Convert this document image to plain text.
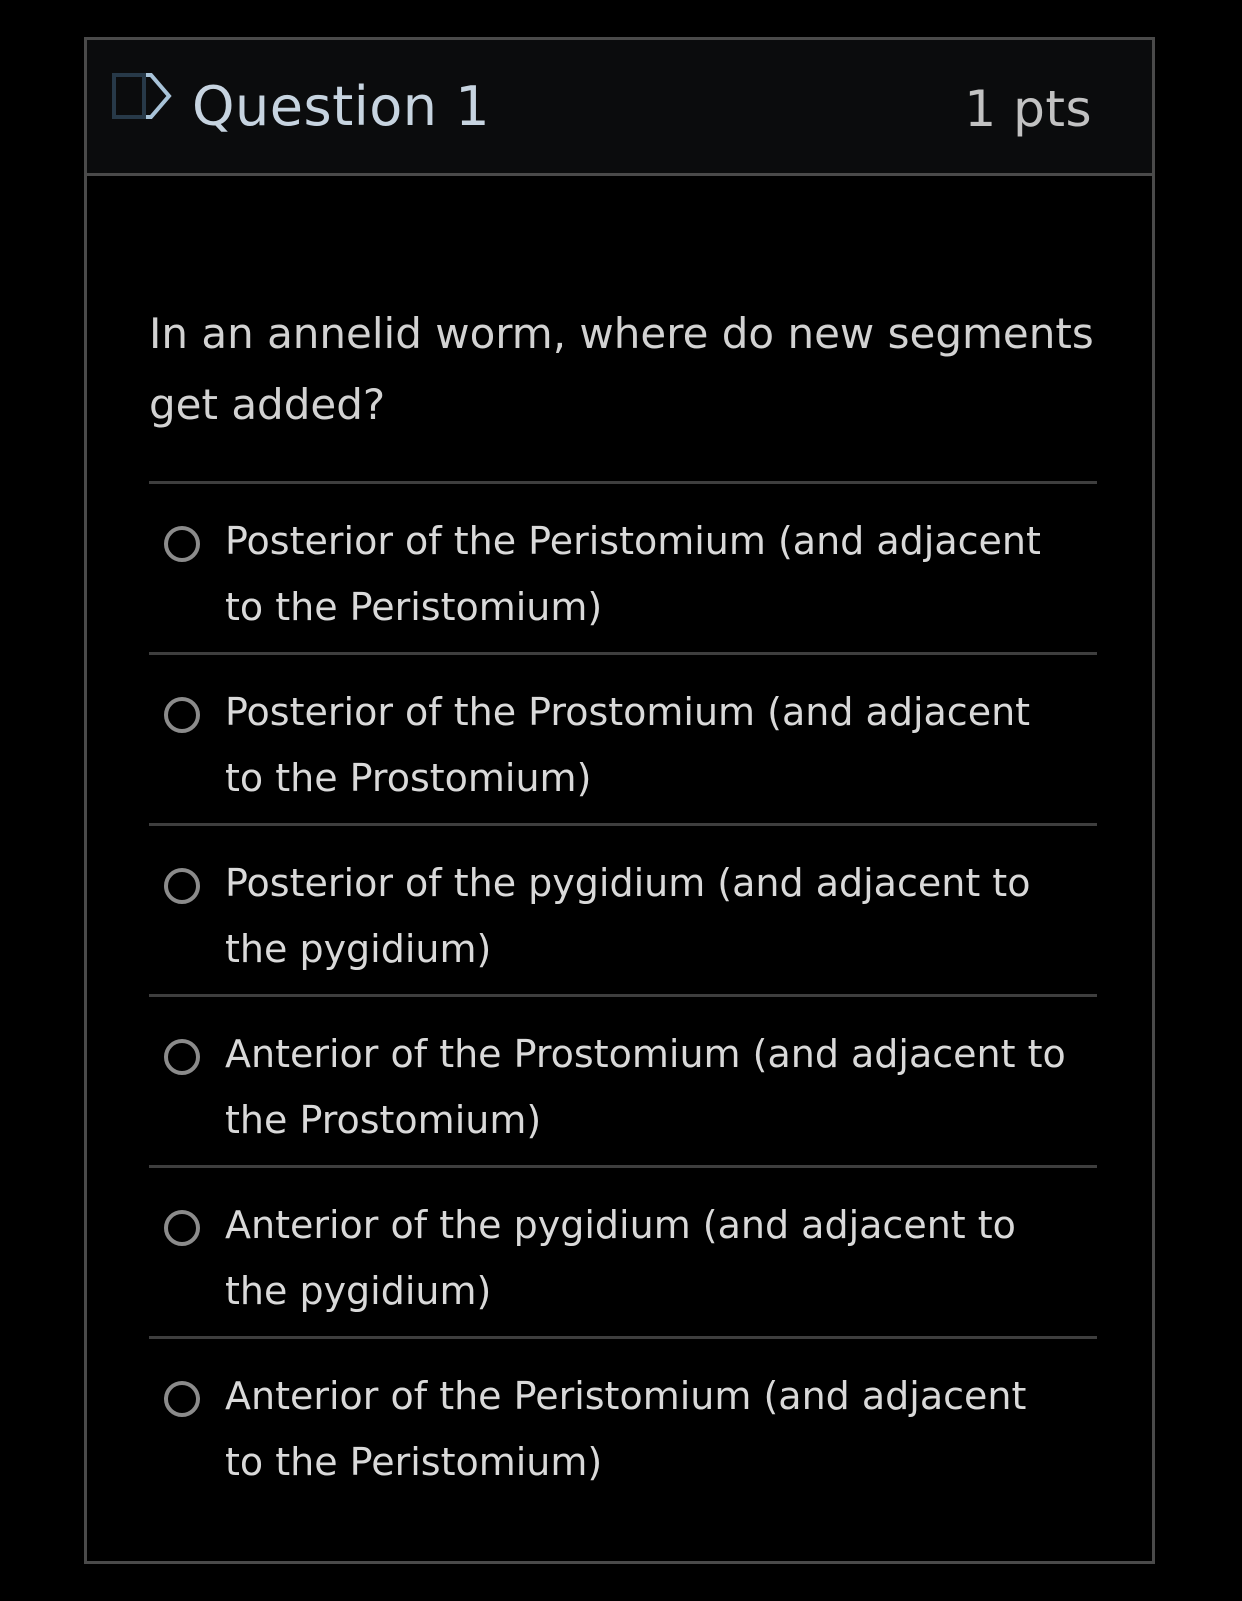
Question 1	1 pts

In an annelid worm, where do new segments get added?

Posterior of the Peristomium (and adjacent to the Peristomium)
Posterior of the Prostomium (and adjacent to the Prostomium)
Posterior of the pygidium (and adjacent to the pygidium)
Anterior of the Prostomium (and adjacent to the Prostomium)
Anterior of the pygidium (and adjacent to the pygidium)
Anterior of the Peristomium (and adjacent to the Peristomium)
